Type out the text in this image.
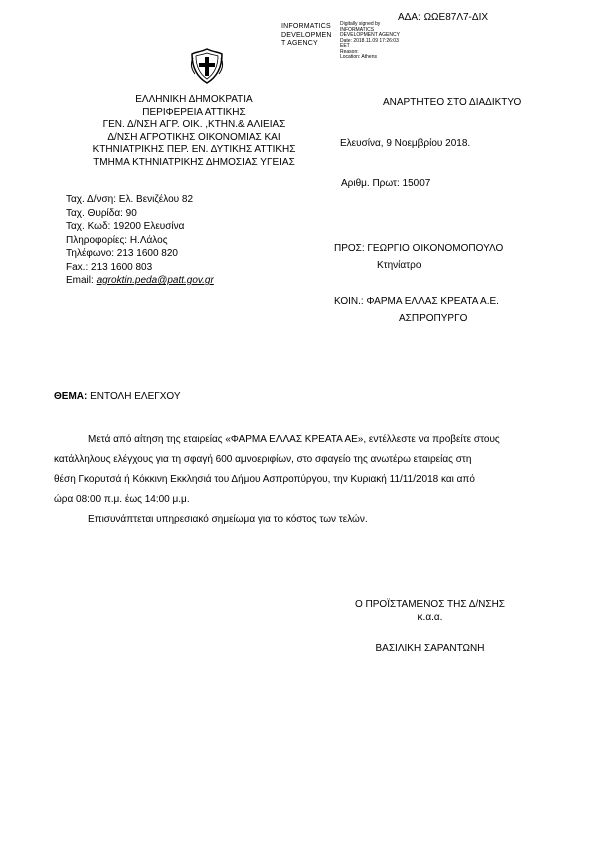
ΑΔΑ: ΩΩΕ87Λ7-ΔΙΧ
INFORMATICS
DEVELOPMEN
T AGENCY
Digitally signed by
INFORMATICS
DEVELOPMENT AGENCY
Date: 2018.11.09 17:26:03
EET
Reason:
Location: Athens
ΕΛΛΗΝΙΚΗ ΔΗΜΟΚΡΑΤΙΑ
ΠΕΡΙΦΕΡΕΙΑ ΑΤΤΙΚΗΣ
ΓΕΝ. Δ/ΝΣΗ ΑΓΡ. ΟΙΚ. ,ΚΤΗΝ.& ΑΛΙΕΙΑΣ
Δ/ΝΣΗ ΑΓΡΟΤΙΚΗΣ ΟΙΚΟΝΟΜΙΑΣ ΚΑΙ
ΚΤΗΝΙΑΤΡΙΚΗΣ ΠΕΡ. ΕΝ. ΔΥΤΙΚΗΣ ΑΤΤΙΚΗΣ
ΤΜΗΜΑ ΚΤΗΝΙΑΤΡΙΚΗΣ ΔΗΜΟΣΙΑΣ ΥΓΕΙΑΣ
ΑΝΑΡΤΗΤΕΟ ΣΤΟ ΔΙΑΔΙΚΤΥΟ
Ελευσίνα, 9 Νοεμβρίου 2018.
Αριθμ. Πρωτ: 15007
Ταχ. Δ/νση: Ελ. Βενιζέλου 82
Ταχ. Θυρίδα: 90
Ταχ. Κωδ: 19200 Ελευσίνα
Πληροφορίες: Η.Λάλος
Τηλέφωνο: 213 1600 820
Fax.: 213 1600 803
Email: agroktin.peda@patt.gov.gr
ΠΡΟΣ: ΓΕΩΡΓΙΟ ΟΙΚΟΝΟΜΟΠΟΥΛΟ
Κτηνίατρο
ΚΟΙΝ.: ΦΑΡΜΑ ΕΛΛΑΣ ΚΡΕΑΤΑ Α.Ε.
ΑΣΠΡΟΠΥΡΓΟ
ΘΕΜΑ: ΕΝΤΟΛΗ ΕΛΕΓΧΟΥ
Μετά από αίτηση της εταιρείας «ΦΑΡΜΑ ΕΛΛΑΣ ΚΡΕΑΤΑ ΑΕ», εντέλλεστε να προβείτε στους
κατάλληλους ελέγχους για τη σφαγή 600 αμνοεριφίων, στο σφαγείο της ανωτέρω εταιρείας στη
θέση Γκορυτσά ή Κόκκινη Εκκλησιά του Δήμου Ασπροπύργου, την Κυριακή 11/11/2018 και από
ώρα 08:00 π.μ. έως 14:00 μ.μ.
Επισυνάπτεται υπηρεσιακό σημείωμα για το κόστος των τελών.
Ο ΠΡΟΪΣΤΑΜΕΝΟΣ ΤΗΣ Δ/ΝΣΗΣ
κ.α.α.
ΒΑΣΙΛΙΚΗ ΣΑΡΑΝΤΩΝΗ
